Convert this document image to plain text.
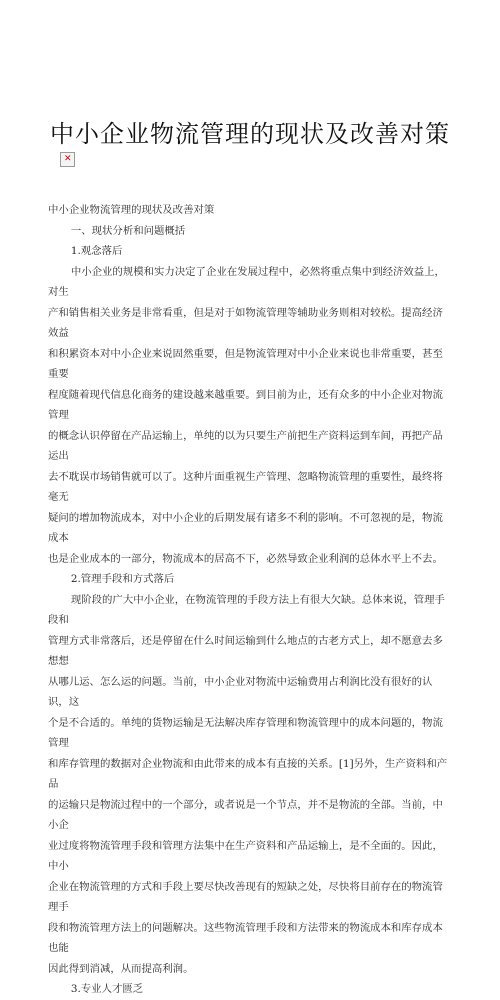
中小企业物流管理的现状及改善对策
✕

中小企业物流管理的现状及改善对策

一、现状分析和问题概括

1.观念落后

中小企业的规模和实力决定了企业在发展过程中，必然将重点集中到经济效益上，对生
产和销售相关业务是非常看重，但是对于如物流管理等辅助业务则相对较松。提高经济效益
和积累资本对中小企业来说固然重要，但是物流管理对中小企业来说也非常重要，甚至重要
程度随着现代信息化商务的建设越来越重要。到目前为止，还有众多的中小企业对物流管理
的概念认识停留在产品运输上，单纯的以为只要生产前把生产资料运到车间，再把产品运出
去不耽误市场销售就可以了。这种片面重视生产管理、忽略物流管理的重要性，最终将毫无
疑问的增加物流成本，对中小企业的后期发展有诸多不利的影响。不可忽视的是，物流成本
也是企业成本的一部分，物流成本的居高不下，必然导致企业利润的总体水平上不去。

2.管理手段和方式落后

现阶段的广大中小企业，在物流管理的手段方法上有很大欠缺。总体来说，管理手段和
管理方式非常落后，还是停留在什么时间运输到什么地点的古老方式上，却不愿意去多想想
从哪儿运、怎么运的问题。当前，中小企业对物流中运输费用占利润比没有很好的认识，这
个是不合适的。单纯的货物运输是无法解决库存管理和物流管理中的成本问题的，物流管理
和库存管理的数据对企业物流和由此带来的成本有直接的关系。[1]另外，生产资料和产品
的运输只是物流过程中的一个部分，或者说是一个节点，并不是物流的全部。当前，中小企
业过度将物流管理手段和管理方法集中在生产资料和产品运输上，是不全面的。因此，中小
企业在物流管理的方式和手段上要尽快改善现有的短缺之处，尽快将目前存在的物流管理手
段和物流管理方法上的问题解决。这些物流管理手段和方法带来的物流成本和库存成本也能
因此得到消减，从而提高利润。

3.专业人才匮乏
